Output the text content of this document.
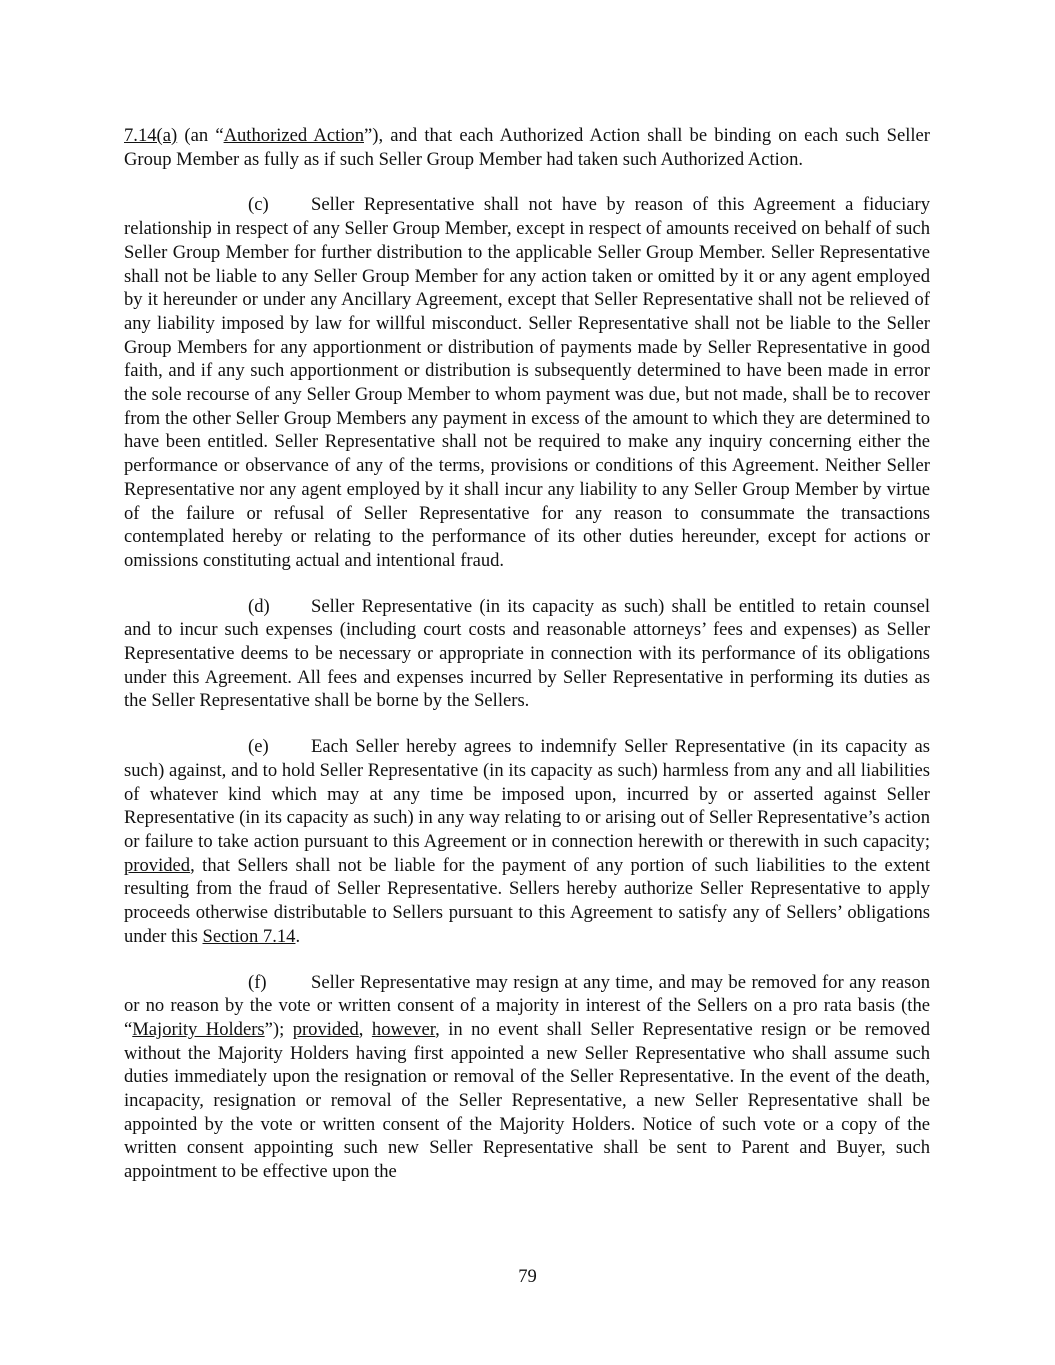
7.14(a) (an “Authorized Action”), and that each Authorized Action shall be binding on each such Seller Group Member as fully as if such Seller Group Member had taken such Authorized Action.

(c) Seller Representative shall not have by reason of this Agreement a fiduciary relationship in respect of any Seller Group Member, except in respect of amounts received on behalf of such Seller Group Member for further distribution to the applicable Seller Group Member. Seller Representative shall not be liable to any Seller Group Member for any action taken or omitted by it or any agent employed by it hereunder or under any Ancillary Agreement, except that Seller Representative shall not be relieved of any liability imposed by law for willful misconduct. Seller Representative shall not be liable to the Seller Group Members for any apportionment or distribution of payments made by Seller Representative in good faith, and if any such apportionment or distribution is subsequently determined to have been made in error the sole recourse of any Seller Group Member to whom payment was due, but not made, shall be to recover from the other Seller Group Members any payment in excess of the amount to which they are determined to have been entitled. Seller Representative shall not be required to make any inquiry concerning either the performance or observance of any of the terms, provisions or conditions of this Agreement. Neither Seller Representative nor any agent employed by it shall incur any liability to any Seller Group Member by virtue of the failure or refusal of Seller Representative for any reason to consummate the transactions contemplated hereby or relating to the performance of its other duties hereunder, except for actions or omissions constituting actual and intentional fraud.

(d) Seller Representative (in its capacity as such) shall be entitled to retain counsel and to incur such expenses (including court costs and reasonable attorneys’ fees and expenses) as Seller Representative deems to be necessary or appropriate in connection with its performance of its obligations under this Agreement. All fees and expenses incurred by Seller Representative in performing its duties as the Seller Representative shall be borne by the Sellers.

(e) Each Seller hereby agrees to indemnify Seller Representative (in its capacity as such) against, and to hold Seller Representative (in its capacity as such) harmless from any and all liabilities of whatever kind which may at any time be imposed upon, incurred by or asserted against Seller Representative (in its capacity as such) in any way relating to or arising out of Seller Representative’s action or failure to take action pursuant to this Agreement or in connection herewith or therewith in such capacity; provided, that Sellers shall not be liable for the payment of any portion of such liabilities to the extent resulting from the fraud of Seller Representative. Sellers hereby authorize Seller Representative to apply proceeds otherwise distributable to Sellers pursuant to this Agreement to satisfy any of Sellers’ obligations under this Section 7.14.

(f) Seller Representative may resign at any time, and may be removed for any reason or no reason by the vote or written consent of a majority in interest of the Sellers on a pro rata basis (the “Majority Holders”); provided, however, in no event shall Seller Representative resign or be removed without the Majority Holders having first appointed a new Seller Representative who shall assume such duties immediately upon the resignation or removal of the Seller Representative. In the event of the death, incapacity, resignation or removal of the Seller Representative, a new Seller Representative shall be appointed by the vote or written consent of the Majority Holders. Notice of such vote or a copy of the written consent appointing such new Seller Representative shall be sent to Parent and Buyer, such appointment to be effective upon the

79
